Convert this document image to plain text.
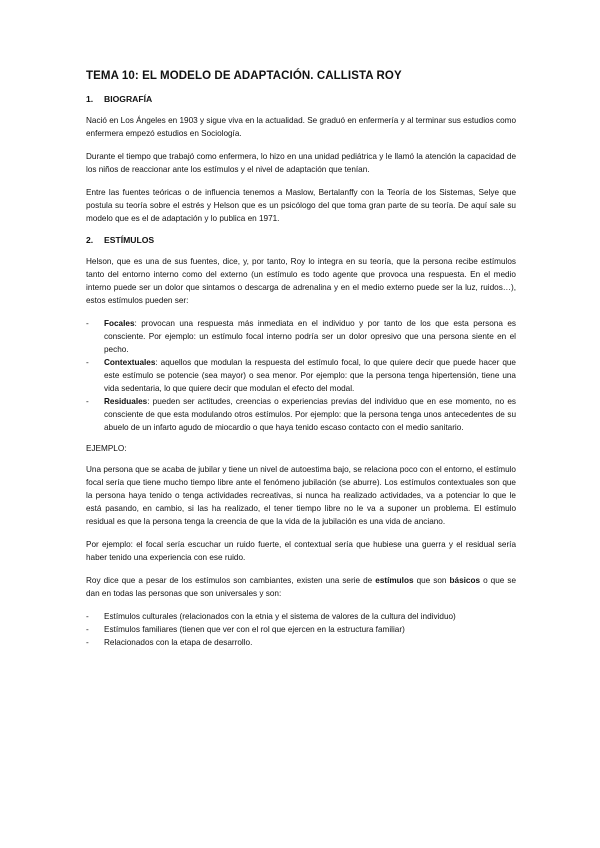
TEMA 10: EL MODELO DE ADAPTACIÓN. CALLISTA ROY
1. BIOGRAFÍA

Nació en Los Ángeles en 1903 y sigue viva en la actualidad. Se graduó en enfermería y al terminar sus estudios como enfermera empezó estudios en Sociología.

Durante el tiempo que trabajó como enfermera, lo hizo en una unidad pediátrica y le llamó la atención la capacidad de los niños de reaccionar ante los estímulos y el nivel de adaptación que tenían.

Entre las fuentes teóricas o de influencia tenemos a Maslow, Bertalanffy con la Teoría de los Sistemas, Selye que postula su teoría sobre el estrés y Helson que es un psicólogo del que toma gran parte de su teoría. De aquí sale su modelo que es el de adaptación y lo publica en 1971.

2. ESTÍMULOS

Helson, que es una de sus fuentes, dice, y, por tanto, Roy lo integra en su teoría, que la persona recibe estímulos tanto del entorno interno como del externo (un estímulo es todo agente que provoca una respuesta. En el medio interno puede ser un dolor que sintamos o descarga de adrenalina y en el medio externo puede ser la luz, ruidos…), estos estímulos pueden ser:

- Focales: provocan una respuesta más inmediata en el individuo y por tanto de los que esta persona es consciente. Por ejemplo: un estímulo focal interno podría ser un dolor opresivo que una persona siente en el pecho.
- Contextuales: aquellos que modulan la respuesta del estímulo focal, lo que quiere decir que puede hacer que este estímulo se potencie (sea mayor) o sea menor. Por ejemplo: que la persona tenga hipertensión, tiene una vida sedentaria, lo que quiere decir que modulan el efecto del modal.
- Residuales: pueden ser actitudes, creencias o experiencias previas del individuo que en ese momento, no es consciente de que esta modulando otros estímulos. Por ejemplo: que la persona tenga unos antecedentes de su abuelo de un infarto agudo de miocardio o que haya tenido escaso contacto con el medio sanitario.
EJEMPLO:

Una persona que se acaba de jubilar y tiene un nivel de autoestima bajo, se relaciona poco con el entorno, el estímulo focal sería que tiene mucho tiempo libre ante el fenómeno jubilación (se aburre). Los estímulos contextuales son que la persona haya tenido o tenga actividades recreativas, si nunca ha realizado actividades, va a potenciar lo que le está pasando, en cambio, si las ha realizado, el tener tiempo libre no le va a suponer un problema. El estímulo residual es que la persona tenga la creencia de que la vida de la jubilación es una vida de anciano.

Por ejemplo: el focal sería escuchar un ruido fuerte, el contextual sería que hubiese una guerra y el residual sería haber tenido una experiencia con ese ruido.

Roy dice que a pesar de los estímulos son cambiantes, existen una serie de estímulos que son básicos o que se dan en todas las personas que son universales y son:

- Estímulos culturales (relacionados con la etnia y el sistema de valores de la cultura del individuo)
- Estímulos familiares (tienen que ver con el rol que ejercen en la estructura familiar)
- Relacionados con la etapa de desarrollo.
